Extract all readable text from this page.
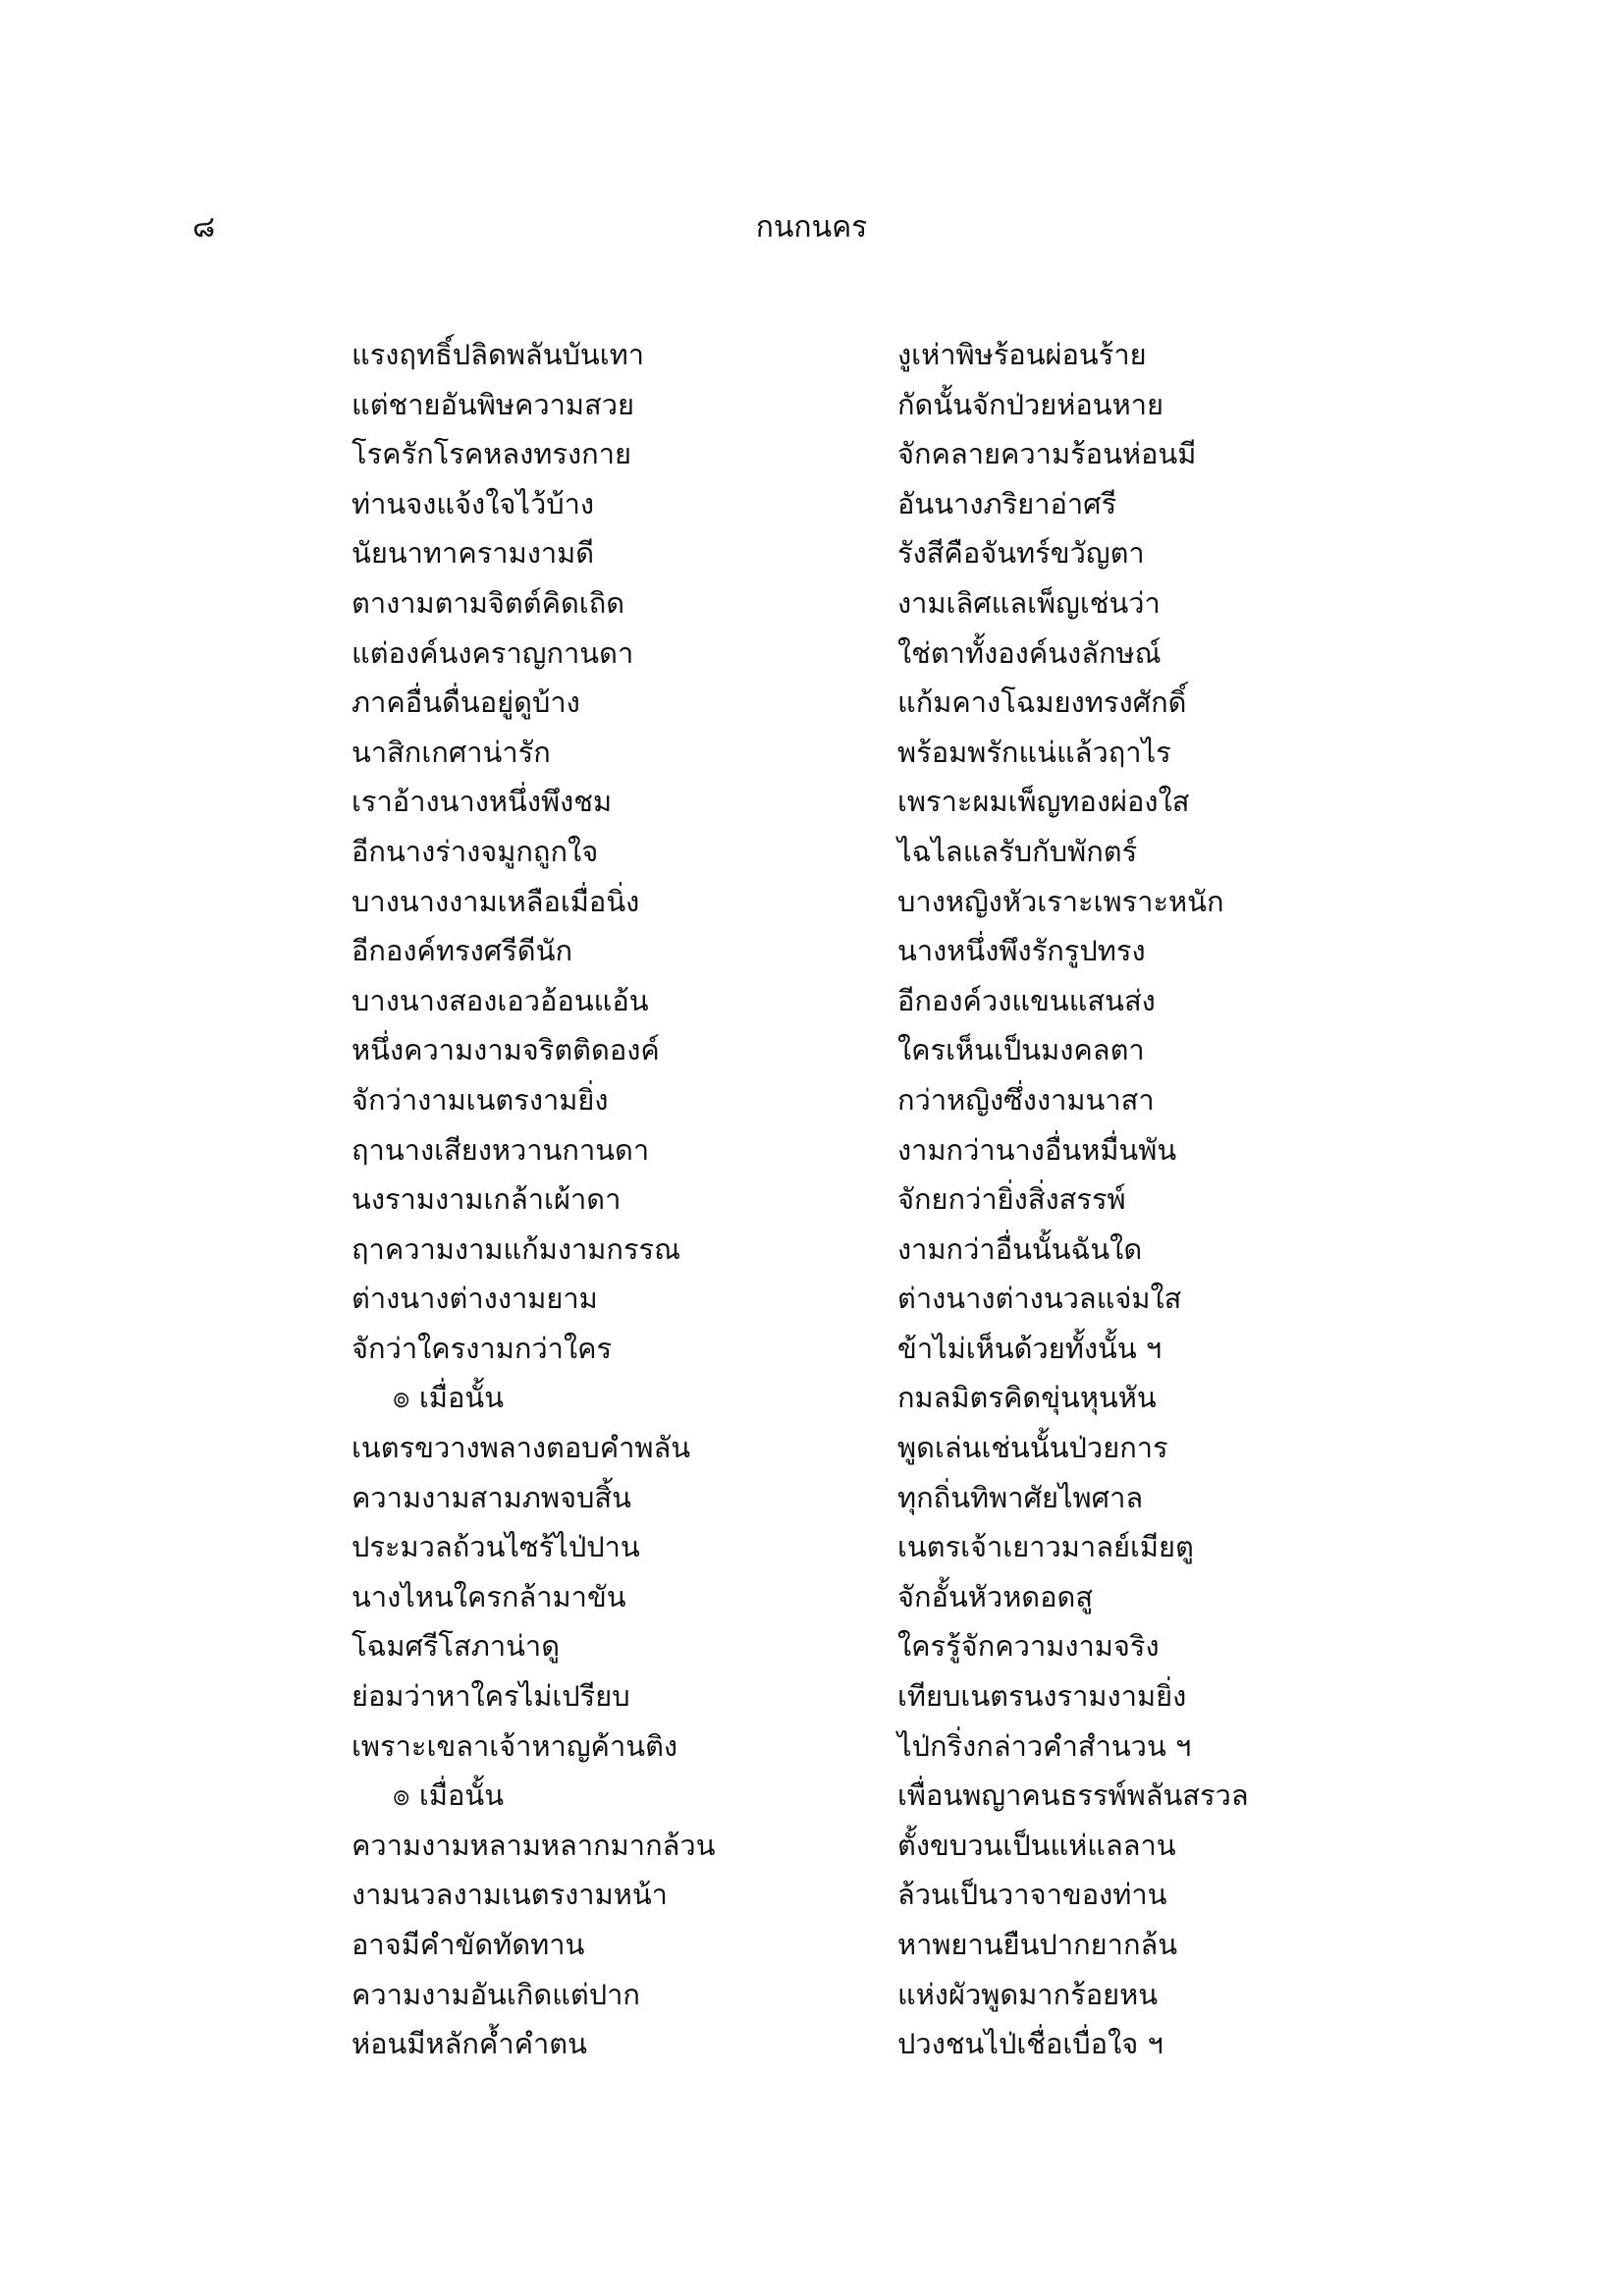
๘	กนกนคร
แรงฤทธิ์ปลิดพลันบันเทา	งูเห่าพิษร้อนผ่อนร้าย
แต่ชายอันพิษความสวย	กัดนั้นจักป่วยห่อนหาย
โรครักโรคหลงทรงกาย	จักคลายความร้อนห่อนมี
ท่านจงแจ้งใจไว้บ้าง	อันนางภริยาอ่าศรี
นัยนาทาครามงามดี	รังสีคือจันทร์ขวัญตา
ตางามตามจิตต์คิดเถิด	งามเลิศแลเพ็ญเช่นว่า
แต่องค์นงคราญกานดา	ใช่ตาทั้งองค์นงลักษณ์
ภาคอื่นดื่นอยู่ดูบ้าง	แก้มคางโฉมยงทรงศักดิ์
นาสิกเกศาน่ารัก	พร้อมพรักแน่แล้วฤาไร
เราอ้างนางหนึ่งพึงชม	เพราะผมเพ็ญทองผ่องใส
อีกนางร่างจมูกถูกใจ	ไฉไลแลรับกับพักตร์
บางนางงามเหลือเมื่อนิ่ง	บางหญิงหัวเราะเพราะหนัก
อีกองค์ทรงศรีดีนัก	นางหนึ่งพึงรักรูปทรง
บางนางสองเอวอ้อนแอ้น	อีกองค์วงแขนแสนส่ง
หนึ่งความงามจริตติดองค์	ใครเห็นเป็นมงคลตา
จักว่างามเนตรงามยิ่ง	กว่าหญิงซึ่งงามนาสา
ฤานางเสียงหวานกานดา	งามกว่านางอื่นหมื่นพัน
นงรามงามเกล้าเผ้าดา	จักยกว่ายิ่งสิ่งสรรพ์
ฤาความงามแก้มงามกรรณ	งามกว่าอื่นนั้นฉันใด
ต่างนางต่างงามยาม	ต่างนางต่างนวลแจ่มใส
จักว่าใครงามกว่าใคร	ข้าไม่เห็นด้วยทั้งนั้น ฯ
๏ เมื่อนั้น	กมลมิตรคิดขุ่นหุนหัน
เนตรขวางพลางตอบคำพลัน	พูดเล่นเช่นนั้นป่วยการ
ความงามสามภพจบสิ้น	ทุกถิ่นทิพาศัยไพศาล
ประมวลถ้วนไซร้ไป่ปาน	เนตรเจ้าเยาวมาลย์เมียตู
นางไหนใครกล้ามาขัน	จักอั้นหัวหดอดสู
โฉมศรีโสภาน่าดู	ใครรู้จักความงามจริง
ย่อมว่าหาใครไม่เปรียบ	เทียบเนตรนงรามงามยิ่ง
เพราะเขลาเจ้าหาญค้านติง	ไป่กริ่งกล่าวคำสำนวน ฯ
๏ เมื่อนั้น	เพื่อนพญาคนธรรพ์พลันสรวล
ความงามหลามหลากมากล้วน	ตั้งขบวนเป็นแห่แลลาน
งามนวลงามเนตรงามหน้า	ล้วนเป็นวาจาของท่าน
อาจมีคำขัดทัดทาน	หาพยานยืนปากยากล้น
ความงามอันเกิดแต่ปาก	แห่งผัวพูดมากร้อยหน
ห่อนมีหลักค้ำคำตน	ปวงชนไป่เชื่อเบื่อใจ ฯ
